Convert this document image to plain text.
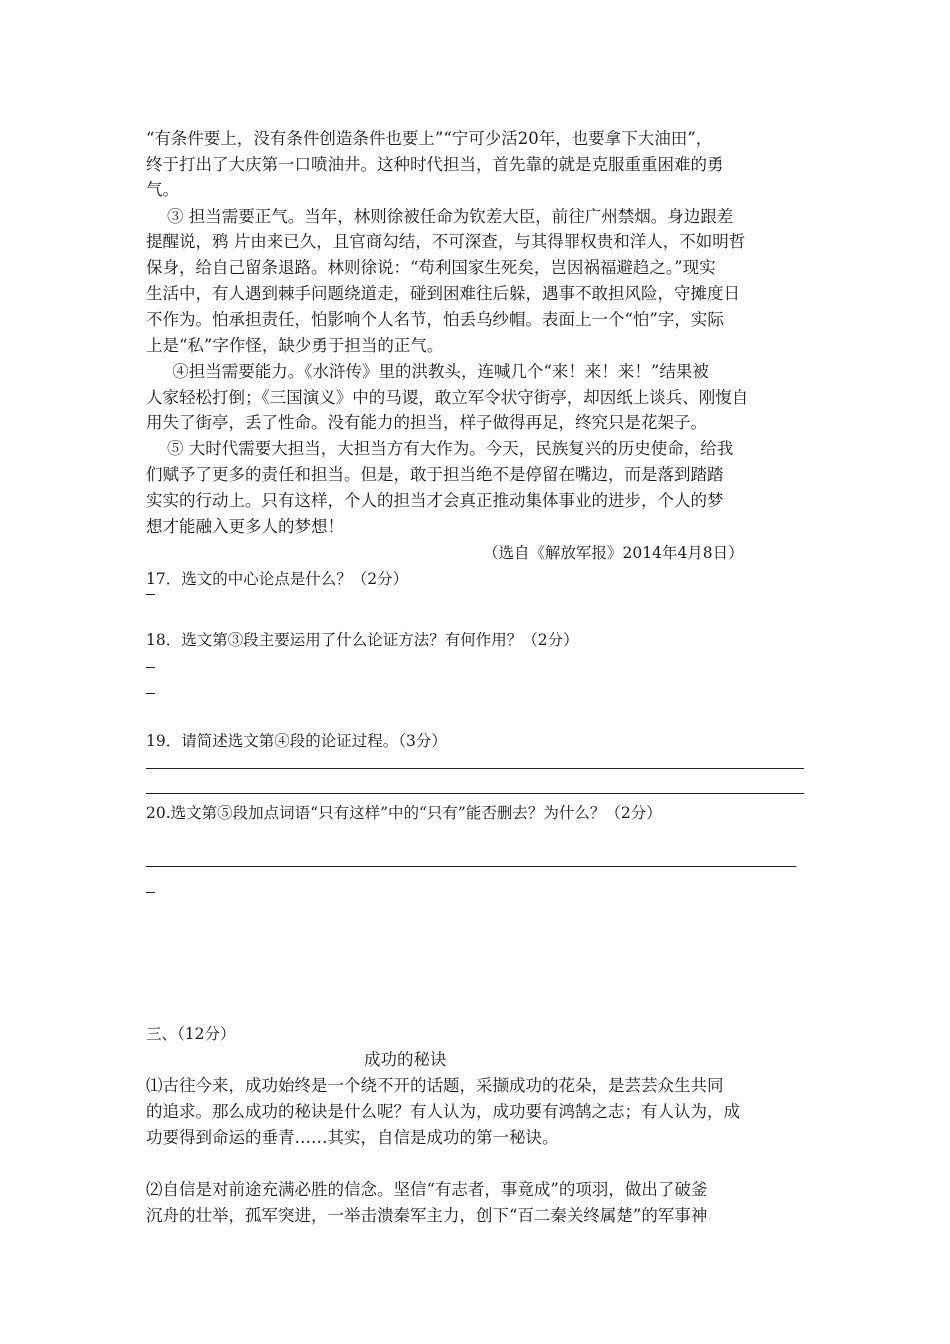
“有条件要上，没有条件创造条件也要上”“宁可少活20年，也要拿下大油田”，
终于打出了大庆第一口喷油井。这种时代担当，首先靠的就是克服重重困难的勇
气。
③ 担当需要正气。当年，林则徐被任命为钦差大臣，前往广州禁烟。身边跟差
提醒说，鸦 片由来已久，且官商勾结，不可深查，与其得罪权贵和洋人，不如明哲
保身，给自己留条退路。林则徐说：“苟利国家生死矣，岂因祸福避趋之。”现实
生活中，有人遇到棘手问题绕道走，碰到困难往后躲，遇事不敢担风险，守摊度日
不作为。怕承担责任，怕影响个人名节，怕丢乌纱帽。表面上一个“怕”字，实际
上是“私”字作怪，缺少勇于担当的正气。
④担当需要能力。《水浒传》里的洪教头，连喊几个“来！来！来！”结果被
人家轻松打倒；《三国演义》中的马谡，敢立军令状守街亭，却因纸上谈兵、刚愎自
用失了街亭，丢了性命。没有能力的担当，样子做得再足，终究只是花架子。
⑤ 大时代需要大担当，大担当方有大作为。今天，民族复兴的历史使命，给我
们赋予了更多的责任和担当。但是，敢于担当绝不是停留在嘴边，而是落到踏踏
实实的行动上。只有这样，个人的担当才会真正推动集体事业的进步，个人的梦
想才能融入更多人的梦想！
（选自《解放军报》2014年4月8日）
17．选文的中心论点是什么？（2分）
18．选文第③段主要运用了什么论证方法？有何作用？（2分）
19．请简述选文第④段的论证过程。（3分）
20.选文第⑤段加点词语“只有这样”中的“只有”能否删去？为什么？（2分）
三、（12分）
成功的秘诀
⑴古往今来，成功始终是一个绕不开的话题，采撷成功的花朵，是芸芸众生共同
的追求。那么成功的秘诀是什么呢？有人认为，成功要有鸿鹄之志；有人认为，成
功要得到命运的垂青……其实，自信是成功的第一秘诀。
⑵自信是对前途充满必胜的信念。坚信“有志者，事竟成”的项羽，做出了破釜
沉舟的壮举，孤军突进，一举击溃秦军主力，创下“百二秦关终属楚”的军事神
